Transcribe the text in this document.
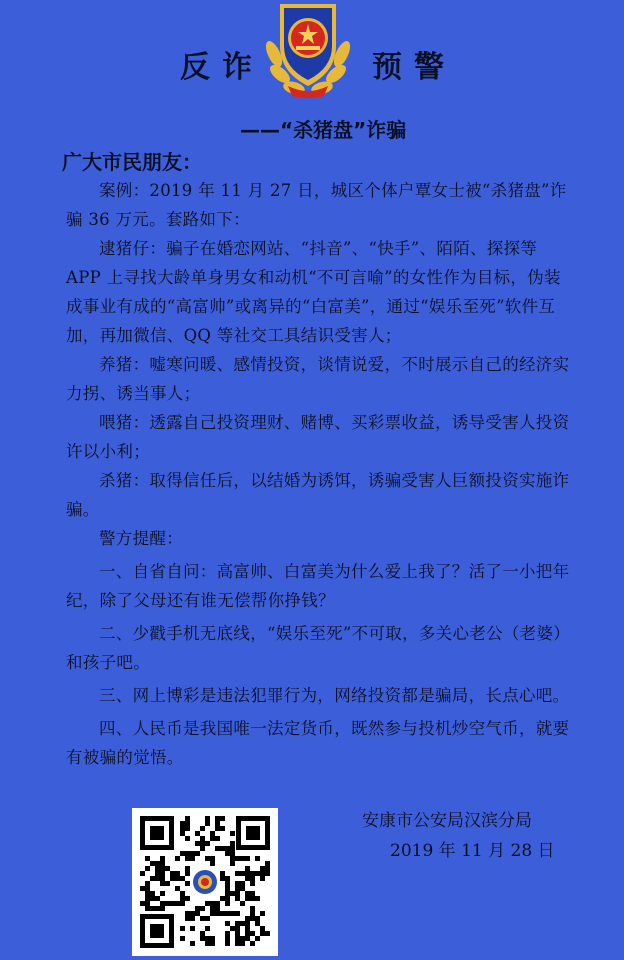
反诈	预警
——“杀猪盘”诈骗
广大市民朋友：

案例：2019 年 11 月 27 日，城区个体户覃女士被“杀猪盘”诈骗 36 万元。套路如下：

逮猪仔：骗子在婚恋网站、“抖音”、“快手”、陌陌、探探等 APP 上寻找大龄单身男女和动机“不可言喻”的女性作为目标，伪装成事业有成的“高富帅”或离异的“白富美”，通过“娱乐至死”软件互加，再加微信、QQ 等社交工具结识受害人；

养猪：嘘寒问暖、感情投资，谈情说爱，不时展示自己的经济实力拐、诱当事人；

喂猪：透露自己投资理财、赌博、买彩票收益，诱导受害人投资许以小利；

杀猪：取得信任后，以结婚为诱饵，诱骗受害人巨额投资实施诈骗。

警方提醒：

一、自省自问：高富帅、白富美为什么爱上我了？活了一小把年纪，除了父母还有谁无偿帮你挣钱？

二、少戳手机无底线，“娱乐至死”不可取，多关心老公（老婆）和孩子吧。

三、网上博彩是违法犯罪行为，网络投资都是骗局，长点心吧。

四、人民币是我国唯一法定货币，既然参与投机炒空气币，就要有被骗的觉悟。

安康市公安局汉滨分局
2019 年 11 月 28 日
